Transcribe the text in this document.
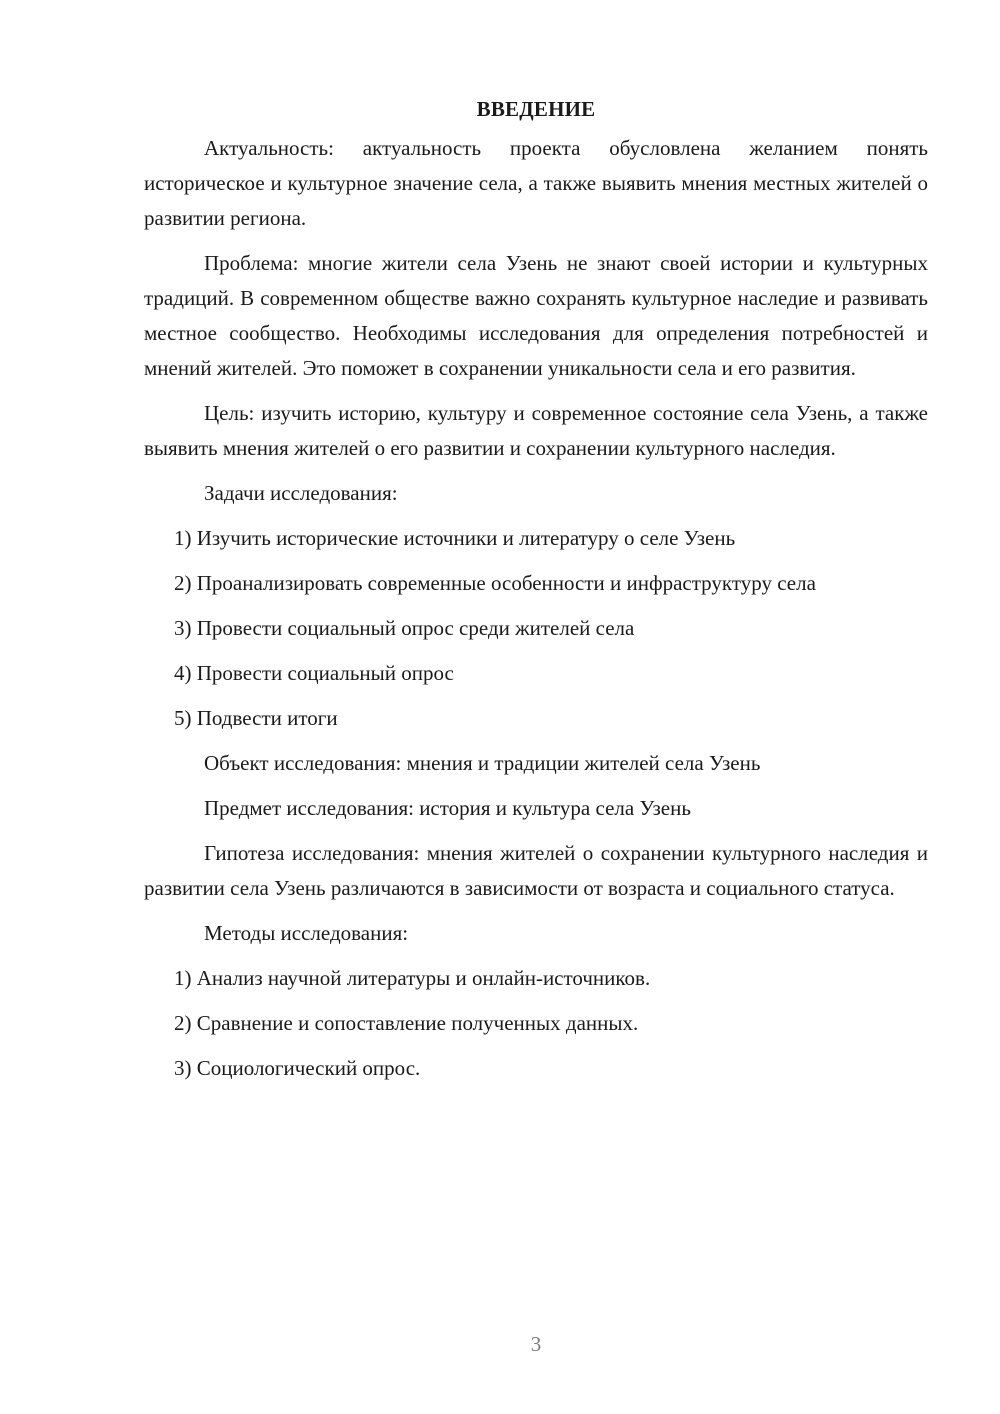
ВВЕДЕНИЕ

Актуальность: актуальность проекта обусловлена желанием понять историческое и культурное значение села, а также выявить мнения местных жителей о развитии региона.

Проблема: многие жители села Узень не знают своей истории и культурных традиций. В современном обществе важно сохранять культурное наследие и развивать местное сообщество. Необходимы исследования для определения потребностей и мнений жителей. Это поможет в сохранении уникальности села и его развития.

Цель: изучить историю, культуру и современное состояние села Узень, а также выявить мнения жителей о его развитии и сохранении культурного наследия.

Задачи исследования:

1) Изучить исторические источники и литературу о селе Узень

2) Проанализировать современные особенности и инфраструктуру села

3) Провести социальный опрос среди жителей села

4) Провести социальный опрос

5) Подвести итоги

Объект исследования: мнения и традиции жителей села Узень

Предмет исследования: история и культура села Узень

Гипотеза исследования: мнения жителей о сохранении культурного наследия и развитии села Узень различаются в зависимости от возраста и социального статуса.

Методы исследования:

1) Анализ научной литературы и онлайн-источников.

2) Сравнение и сопоставление полученных данных.

3) Социологический опрос.

3
